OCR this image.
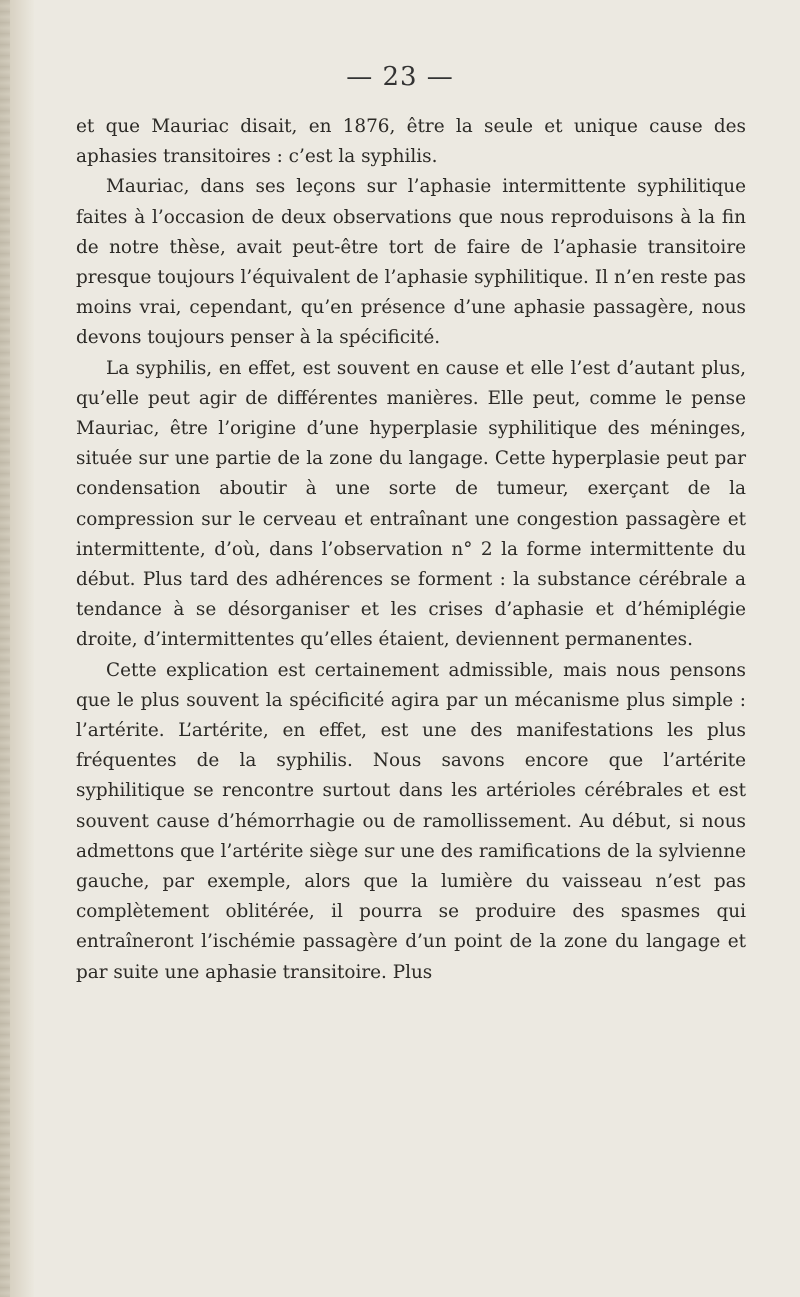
— 23 —

et que Mauriac disait, en 1876, être la seule et unique cause des aphasies transitoires : c’est la syphilis.

Mauriac, dans ses leçons sur l’aphasie intermittente syphilitique faites à l’occasion de deux observations que nous reproduisons à la fin de notre thèse, avait peut-être tort de faire de l’aphasie transitoire presque toujours l’équivalent de l’aphasie syphilitique. Il n’en reste pas moins vrai, cependant, qu’en présence d’une aphasie passagère, nous devons toujours penser à la spécificité.

La syphilis, en effet, est souvent en cause et elle l’est d’autant plus, qu’elle peut agir de différentes manières. Elle peut, comme le pense Mauriac, être l’origine d’une hyperplasie syphilitique des méninges, située sur une partie de la zone du langage. Cette hyperplasie peut par condensation aboutir à une sorte de tumeur, exerçant de la compression sur le cerveau et entraînant une congestion passagère et intermittente, d’où, dans l’observation n° 2 la forme intermittente du début. Plus tard des adhérences se forment : la substance cérébrale a tendance à se désorganiser et les crises d’aphasie et d’hémiplégie droite, d’intermittentes qu’elles étaient, deviennent permanentes.

Cette explication est certainement admissible, mais nous pensons que le plus souvent la spécificité agira par un mécanisme plus simple : l’artérite. L’artérite, en effet, est une des manifestations les plus fréquentes de la syphilis. Nous savons encore que l’artérite syphilitique se rencontre surtout dans les artérioles cérébrales et est souvent cause d’hémorrhagie ou de ramollissement. Au début, si nous admettons que l’artérite siège sur une des ramifications de la sylvienne gauche, par exemple, alors que la lumière du vaisseau n’est pas complètement oblitérée, il pourra se produire des spasmes qui entraîneront l’ischémie passagère d’un point de la zone du langage et par suite une aphasie transitoire. Plus
